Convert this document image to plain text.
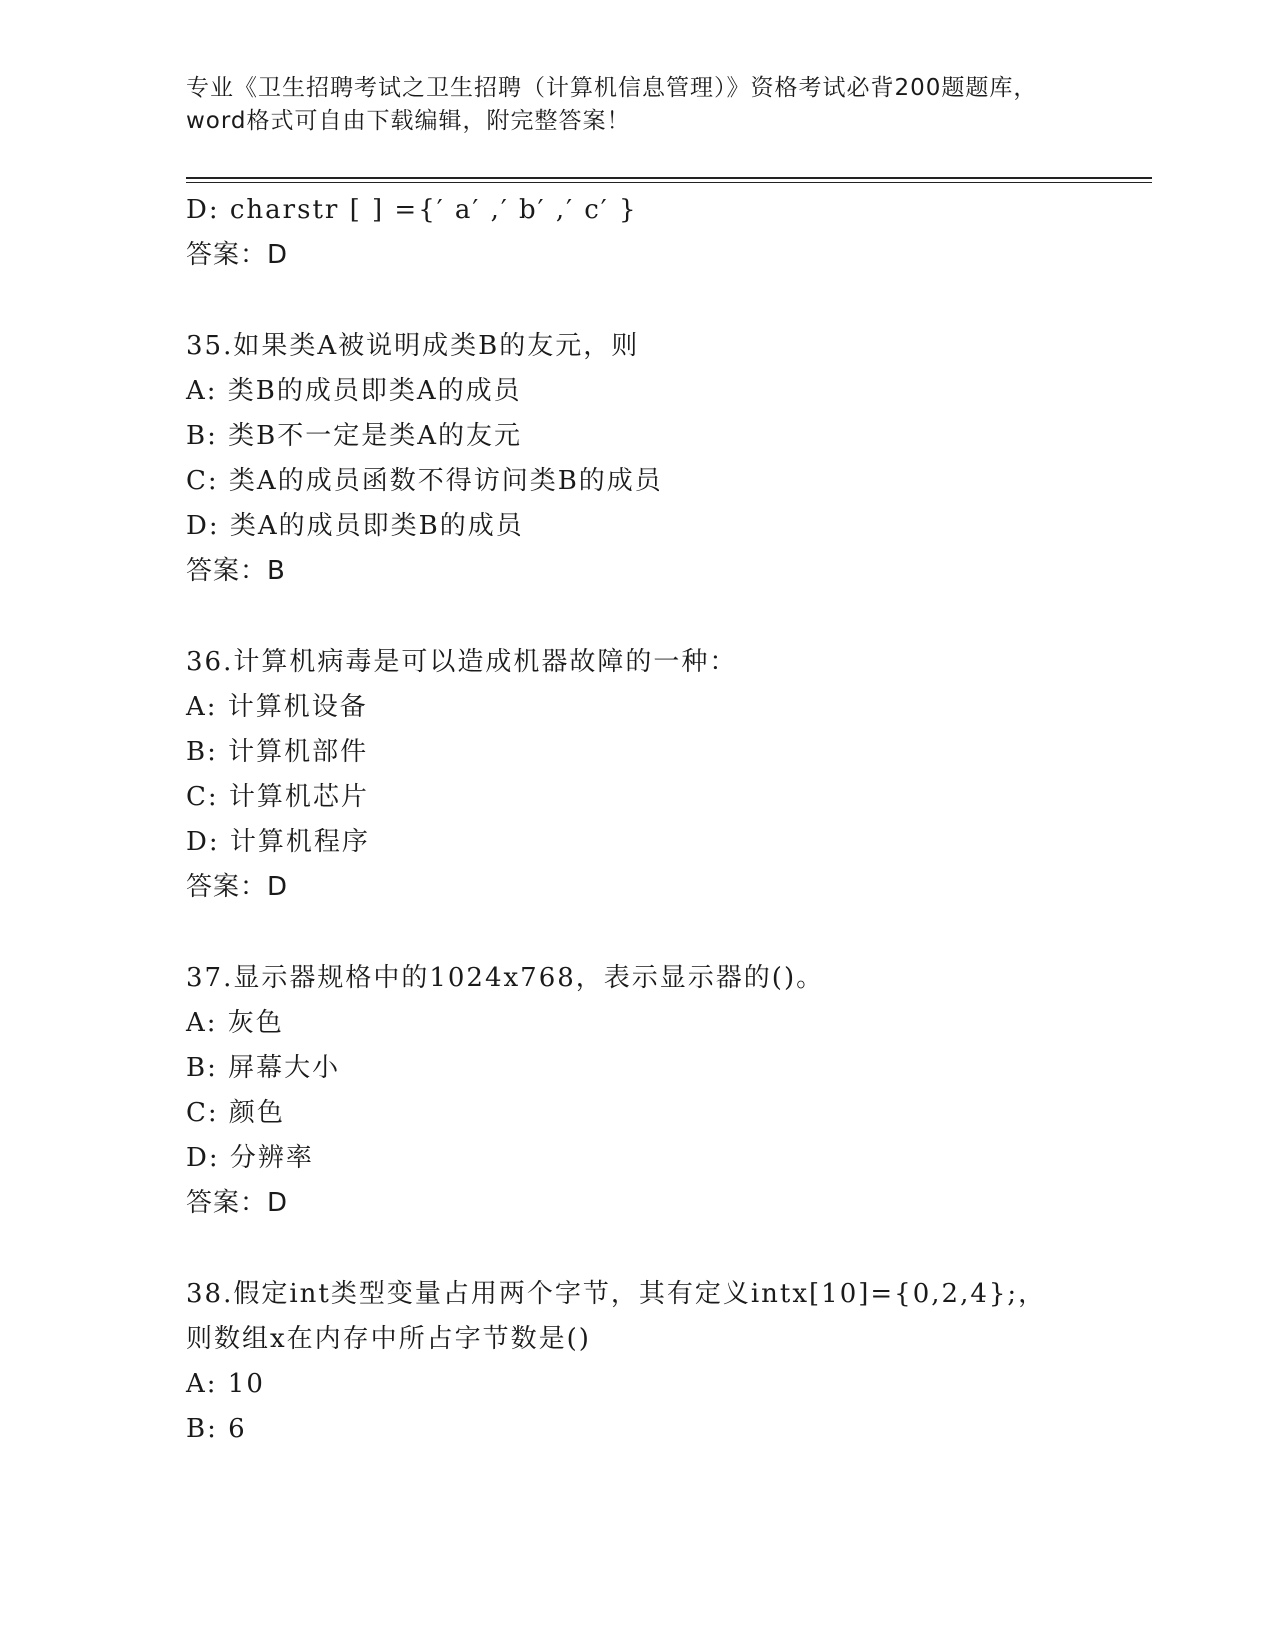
专业《卫生招聘考试之卫生招聘（计算机信息管理）》资格考试必背200题题库，
word格式可自由下载编辑，附完整答案！
D: charstr [ ] ={′ a′ ,′ b′ ,′ c′ }
答案：D
35.如果类A被说明成类B的友元，则
A: 类B的成员即类A的成员
B: 类B不一定是类A的友元
C: 类A的成员函数不得访问类B的成员
D: 类A的成员即类B的成员
答案：B
36.计算机病毒是可以造成机器故障的一种：
A: 计算机设备
B: 计算机部件
C: 计算机芯片
D: 计算机程序
答案：D
37.显示器规格中的1024x768，表示显示器的()。
A: 灰色
B: 屏幕大小
C: 颜色
D: 分辨率
答案：D
38.假定int类型变量占用两个字节，其有定义intx[10]={0,2,4};，
则数组x在内存中所占字节数是()
A: 10
B: 6
